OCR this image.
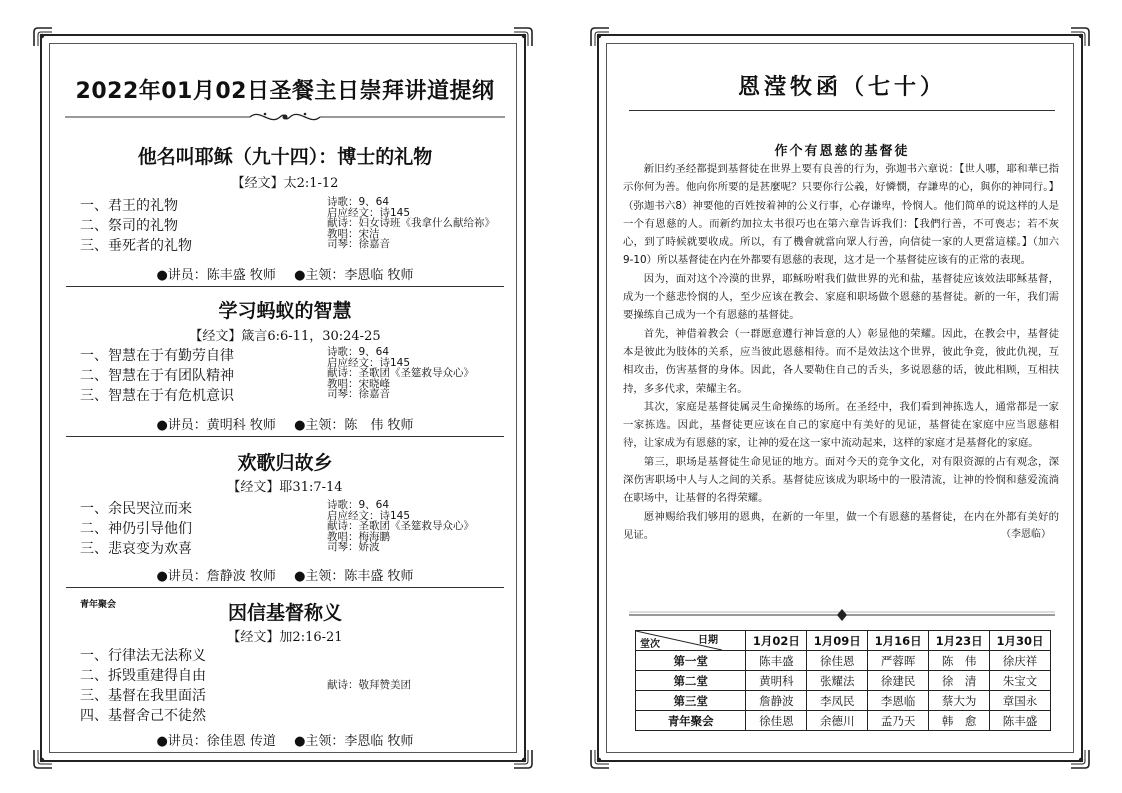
2022年01月02日圣餐主日崇拜讲道提纲
他名叫耶稣（九十四）：博士的礼物
【经文】太2:1-12
一、君王的礼物
二、祭司的礼物
三、垂死者的礼物
诗歌：9、64
启应经文：诗145
献诗：妇女诗班《我拿什么献给祢》
教唱：宋洁
司琴：徐嘉音
●讲员：陈丰盛 牧师 ●主领：李恩临 牧师
学习蚂蚁的智慧
【经文】箴言6:6-11，30:24-25
一、智慧在于有勤劳自律
二、智慧在于有团队精神
三、智慧在于有危机意识
诗歌：9、64
启应经文：诗145
献诗：圣歌团《圣筵救导众心》
教唱：宋晓峰
司琴：徐嘉音
●讲员：黄明科 牧师 ●主领：陈　伟 牧师
欢歌归故乡
【经文】耶31:7-14
一、余民哭泣而来
二、神仍引导他们
三、悲哀变为欢喜
诗歌：9、64
启应经文：诗145
献诗：圣歌团《圣筵救导众心》
教唱：梅海鹏
司琴：娇波
●讲员：詹静波 牧师 ●主领：陈丰盛 牧师
青年聚会	因信基督称义
【经文】加2:16-21
一、行律法无法称义
二、拆毁重建得自由
三、基督在我里面活
四、基督舍己不徒然
献诗：敬拜赞美团
●讲员：徐佳恩 传道 ●主领：李恩临 牧师
恩滢牧函（七十）
作个有恩慈的基督徒

新旧约圣经都提到基督徒在世界上要有良善的行为，弥迦书六章说：【世人哪，耶和華已指示你何为善。他向你所要的是甚麼呢？只要你行公義，好憐憫，存謙卑的心，與你的神同行。】（弥迦书六8）神要他的百姓按着神的公义行事，心存谦卑，怜悯人。他们简单的说这样的人是一个有恩慈的人。而新约加拉太书很巧也在第六章告诉我们：【我們行善，不可喪志；若不灰心，到了時候就要收成。所以，有了機會就當向眾人行善，向信徒一家的人更當這樣。】（加六9-10）所以基督徒在内在外都要有恩慈的表现，这才是一个基督徒应该有的正常的表现。

因为，面对这个冷漠的世界，耶稣吩咐我们做世界的光和盐，基督徒应该效法耶稣基督，成为一个慈悲怜悯的人，至少应该在教会、家庭和职场做个恩慈的基督徒。新的一年，我们需要操练自己成为一个有恩慈的基督徒。

首先，神借着教会（一群愿意遵行神旨意的人）彰显他的荣耀。因此，在教会中，基督徒本是彼此为肢体的关系，应当彼此恩慈相待。而不是效法这个世界，彼此争竞，彼此仇视，互相攻击，伤害基督的身体。因此，各人要勒住自己的舌头，多说恩慈的话，彼此相顾，互相扶持，多多代求，荣耀主名。

其次，家庭是基督徒属灵生命操练的场所。在圣经中，我们看到神拣选人，通常都是一家一家拣选。因此，基督徒更应该在自己的家庭中有美好的见证，基督徒在家庭中应当恩慈相待，让家成为有恩慈的家，让神的爱在这一家中流动起来，这样的家庭才是基督化的家庭。

第三，职场是基督徒生命见证的地方。面对今天的竞争文化，对有限资源的占有观念，深深伤害职场中人与人之间的关系。基督徒应该成为职场中的一股清流，让神的怜悯和慈爱流淌在职场中，让基督的名得荣耀。

愿神赐给我们够用的恩典，在新的一年里，做一个有恩慈的基督徒，在内在外都有美好的见证。	（李恩临）
日期
堂次	1月02日	1月09日	1月16日	1月23日	1月30日
第一堂	陈丰盛	徐佳恩	严蓉晖	陈　伟	徐庆祥
第二堂	黄明科	张耀法	徐建民	徐　清	朱宝文
第三堂	詹静波	李凤民	李恩临	蔡大为	章国永
青年聚会	徐佳恩	余德川	孟乃天	韩　愈	陈丰盛
